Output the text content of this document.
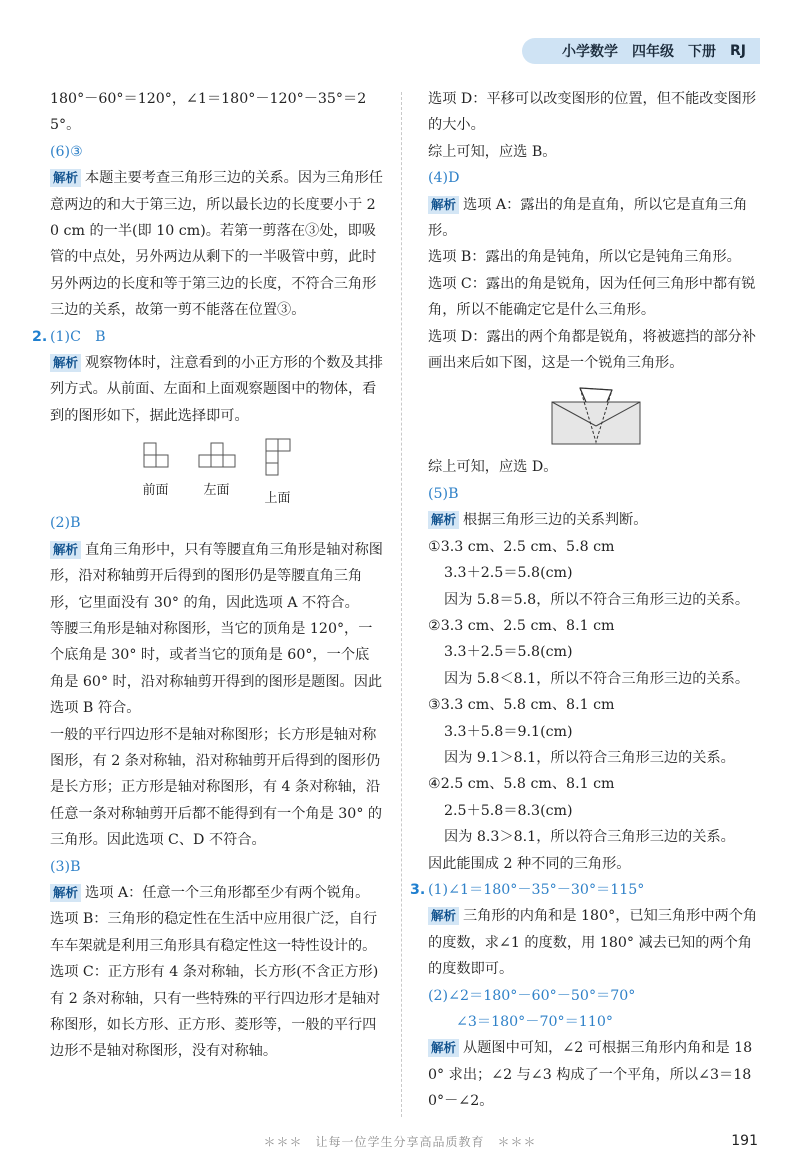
小学数学 四年级 下册 RJ

180°－60°＝120°，∠1＝180°－120°－35°＝25°。

(6)③

解析 本题主要考查三角形三边的关系。因为三角形任意两边的和大于第三边，所以最长边的长度要小于 20 cm 的一半(即 10 cm)。若第一剪落在③处，即吸管的中点处，另外两边从剩下的一半吸管中剪，此时另外两边的长度和等于第三边的长度，不符合三角形三边的关系，故第一剪不能落在位置③。

2. (1)C　B

解析 观察物体时，注意看到的小正方形的个数及其排列方式。从前面、左面和上面观察题图中的物体，看到的图形如下，据此选择即可。

前面	左面
上面

(2)B

解析 直角三角形中，只有等腰直角三角形是轴对称图形，沿对称轴剪开后得到的图形仍是等腰直角三角形，它里面没有 30° 的角，因此选项 A 不符合。

等腰三角形是轴对称图形，当它的顶角是 120°，一个底角是 30° 时，或者当它的顶角是 60°，一个底角是 60° 时，沿对称轴剪开得到的图形是题图。因此选项 B 符合。

一般的平行四边形不是轴对称图形；长方形是轴对称图形，有 2 条对称轴，沿对称轴剪开后得到的图形仍是长方形；正方形是轴对称图形，有 4 条对称轴，沿任意一条对称轴剪开后都不能得到有一个角是 30° 的三角形。因此选项 C、D 不符合。

(3)B

解析 选项 A：任意一个三角形都至少有两个锐角。

选项 B：三角形的稳定性在生活中应用很广泛，自行车车架就是利用三角形具有稳定性这一特性设计的。

选项 C：正方形有 4 条对称轴，长方形(不含正方形)有 2 条对称轴，只有一些特殊的平行四边形才是轴对称图形，如长方形、正方形、菱形等，一般的平行四边形不是轴对称图形，没有对称轴。

选项 D：平移可以改变图形的位置，但不能改变图形的大小。

综上可知，应选 B。

(4)D

解析 选项 A：露出的角是直角，所以它是直角三角形。

选项 B：露出的角是钝角，所以它是钝角三角形。

选项 C：露出的角是锐角，因为任何三角形中都有锐角，所以不能确定它是什么三角形。

选项 D：露出的两个角都是锐角，将被遮挡的部分补画出来后如下图，这是一个锐角三角形。

综上可知，应选 D。

(5)B

解析 根据三角形三边的关系判断。

①3.3 cm、2.5 cm、5.8 cm

3.3＋2.5＝5.8(cm)

因为 5.8＝5.8，所以不符合三角形三边的关系。

②3.3 cm、2.5 cm、8.1 cm

3.3＋2.5＝5.8(cm)

因为 5.8＜8.1，所以不符合三角形三边的关系。

③3.3 cm、5.8 cm、8.1 cm

3.3＋5.8＝9.1(cm)

因为 9.1＞8.1，所以符合三角形三边的关系。

④2.5 cm、5.8 cm、8.1 cm

2.5＋5.8＝8.3(cm)

因为 8.3＞8.1，所以符合三角形三边的关系。

因此能围成 2 种不同的三角形。

3. (1)∠1＝180°－35°－30°＝115°

解析 三角形的内角和是 180°，已知三角形中两个角的度数，求∠1 的度数，用 180° 减去已知的两个角的度数即可。

(2)∠2＝180°－60°－50°＝70°

∠3＝180°－70°＝110°

解析 从题图中可知，∠2 可根据三角形内角和是 180° 求出；∠2 与∠3 构成了一个平角，所以∠3＝180°－∠2。

＊＊＊　让每一位学生分享高品质教育　＊＊＊	191
